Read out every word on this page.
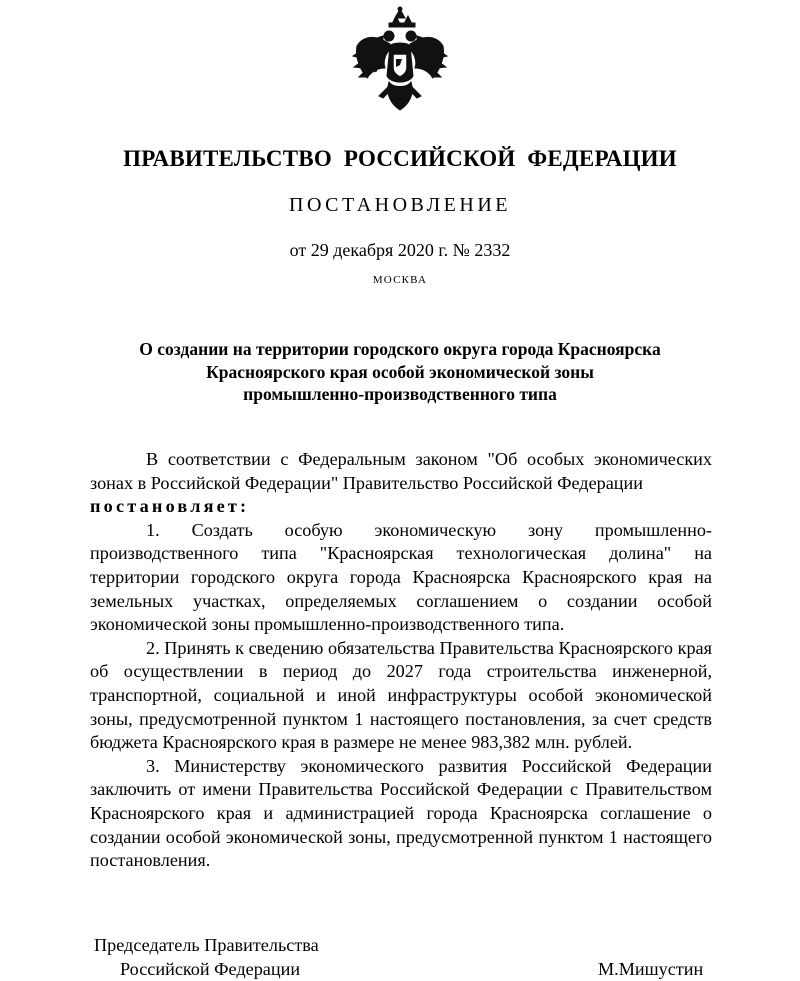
ПРАВИТЕЛЬСТВО РОССИЙСКОЙ ФЕДЕРАЦИИ
ПОСТАНОВЛЕНИЕ
от 29 декабря 2020 г. № 2332
МОСКВА
О создании на территории городского округа города Красноярска
Красноярского края особой экономической зоны
промышленно-производственного типа

В соответствии с Федеральным законом "Об особых экономических зонах в Российской Федерации" Правительство Российской Федерации

постановляет:

1. Создать особую экономическую зону промышленно-производственного типа "Красноярская технологическая долина" на территории городского округа города Красноярска Красноярского края на земельных участках, определяемых соглашением о создании особой экономической зоны промышленно-производственного типа.

2. Принять к сведению обязательства Правительства Красноярского края об осуществлении в период до 2027 года строительства инженерной, транспортной, социальной и иной инфраструктуры особой экономической зоны, предусмотренной пунктом 1 настоящего постановления, за счет средств бюджета Красноярского края в размере не менее 983,382 млн. рублей.

3. Министерству экономического развития Российской Федерации заключить от имени Правительства Российской Федерации с Правительством Красноярского края и администрацией города Красноярска соглашение о создании особой экономической зоны, предусмотренной пунктом 1 настоящего постановления.

Председатель Правительства
Российской Федерации	М.Мишустин
